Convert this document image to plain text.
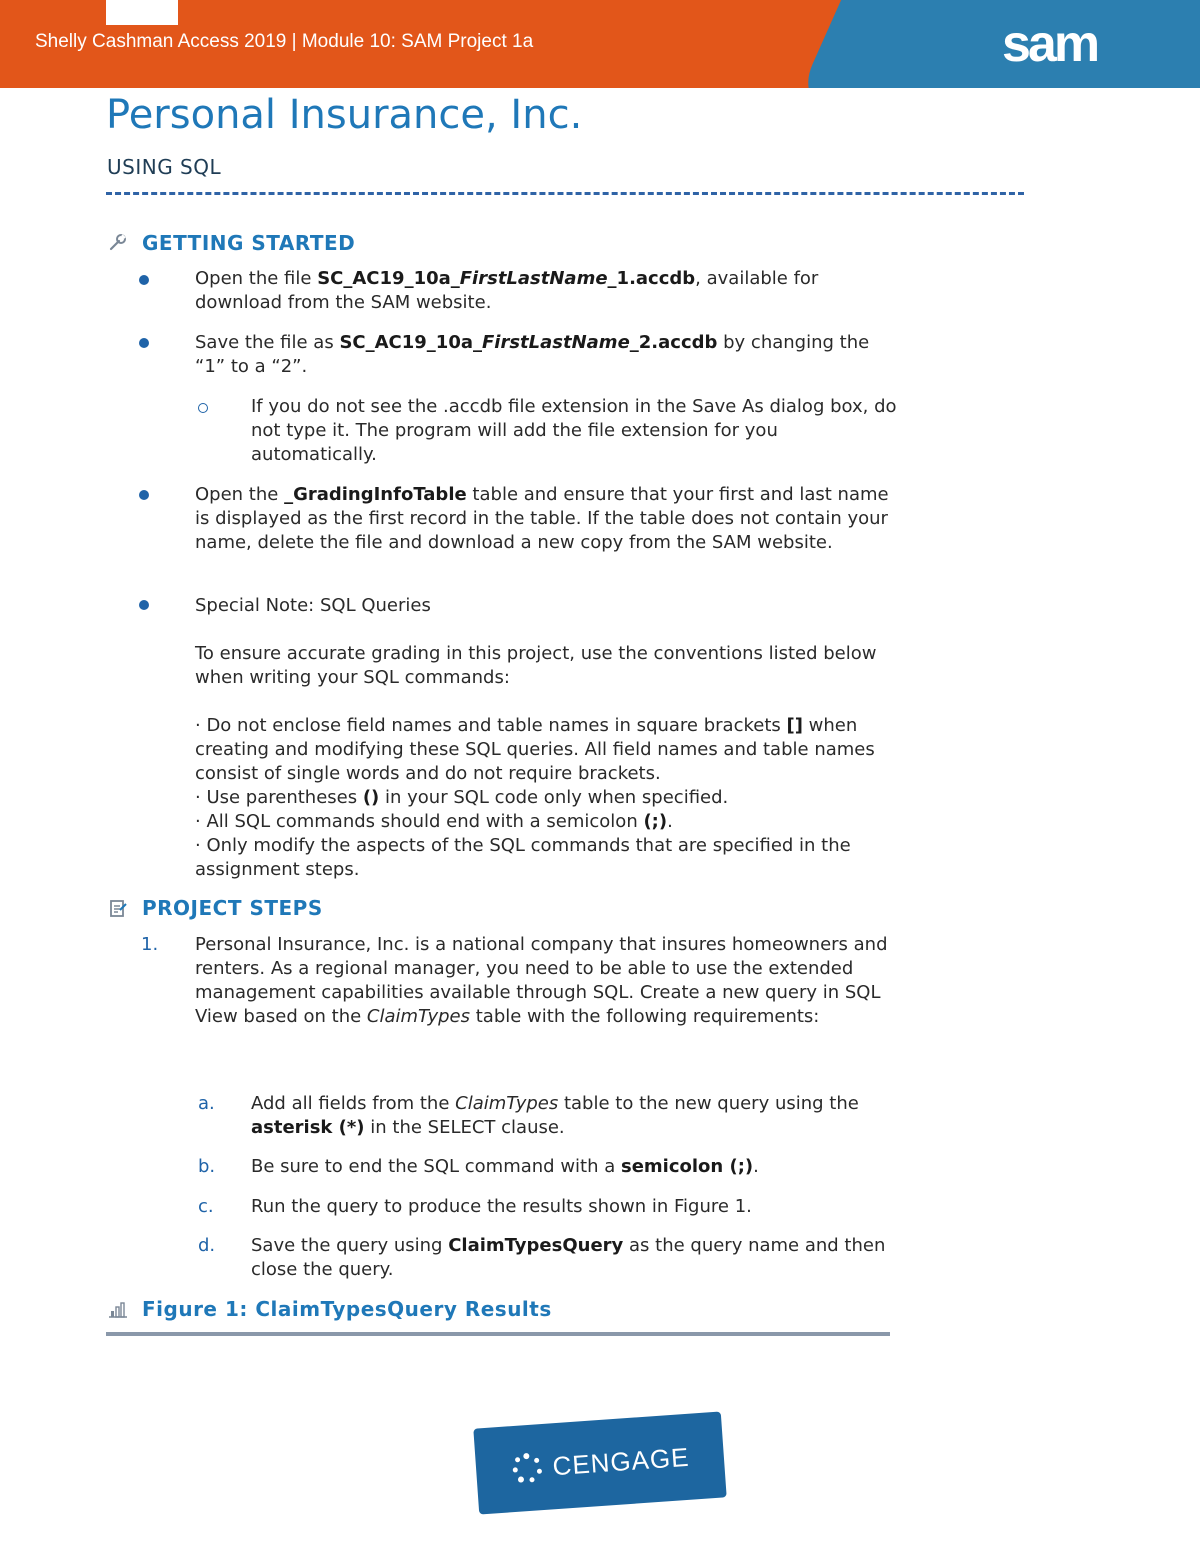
Shelly Cashman Access 2019 | Module 10: SAM Project 1a	sam
Personal Insurance, Inc.
USING SQL
GETTING STARTED

Open the file SC_AC19_10a_FirstLastName_1.accdb, available for download from the SAM website.

Save the file as SC_AC19_10a_FirstLastName_2.accdb by changing the “1” to a “2”.

If you do not see the .accdb file extension in the Save As dialog box, do not type it. The program will add the file extension for you automatically.

Open the _GradingInfoTable table and ensure that your first and last name is displayed as the first record in the table. If the table does not contain your name, delete the file and download a new copy from the SAM website.

Special Note: SQL Queries

To ensure accurate grading in this project, use the conventions listed below when writing your SQL commands:

· Do not enclose field names and table names in square brackets [] when creating and modifying these SQL queries. All field names and table names consist of single words and do not require brackets.
· Use parentheses () in your SQL code only when specified.
· All SQL commands should end with a semicolon (;).
· Only modify the aspects of the SQL commands that are specified in the assignment steps.
PROJECT STEPS
1. Personal Insurance, Inc. is a national company that insures homeowners and renters. As a regional manager, you need to be able to use the extended management capabilities available through SQL. Create a new query in SQL View based on the ClaimTypes table with the following requirements:

a. Add all fields from the ClaimTypes table to the new query using the asterisk (*) in the SELECT clause.

b. Be sure to end the SQL command with a semicolon (;).

c. Run the query to produce the results shown in Figure 1.

d. Save the query using ClaimTypesQuery as the query name and then close the query.

Figure 1: ClaimTypesQuery Results
CENGAGE
